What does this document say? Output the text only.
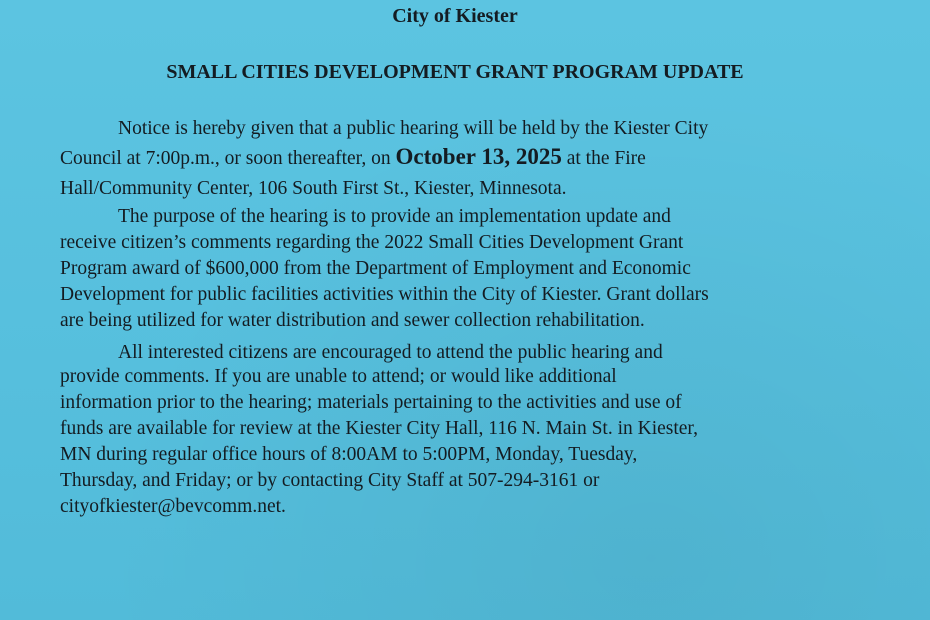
City of Kiester
SMALL CITIES DEVELOPMENT GRANT PROGRAM UPDATE
Notice is hereby given that a public hearing will be held by the Kiester City
Council at 7:00p.m., or soon thereafter, on October 13, 2025 at the Fire
Hall/Community Center, 106 South First St., Kiester, Minnesota.
The purpose of the hearing is to provide an implementation update and
receive citizen’s comments regarding the 2022 Small Cities Development Grant
Program award of $600,000 from the Department of Employment and Economic
Development for public facilities activities within the City of Kiester. Grant dollars
are being utilized for water distribution and sewer collection rehabilitation.
All interested citizens are encouraged to attend the public hearing and
provide comments. If you are unable to attend; or would like additional
information prior to the hearing; materials pertaining to the activities and use of
funds are available for review at the Kiester City Hall, 116 N. Main St. in Kiester,
MN during regular office hours of 8:00AM to 5:00PM, Monday, Tuesday,
Thursday, and Friday; or by contacting City Staff at 507-294-3161 or
cityofkiester@bevcomm.net.
